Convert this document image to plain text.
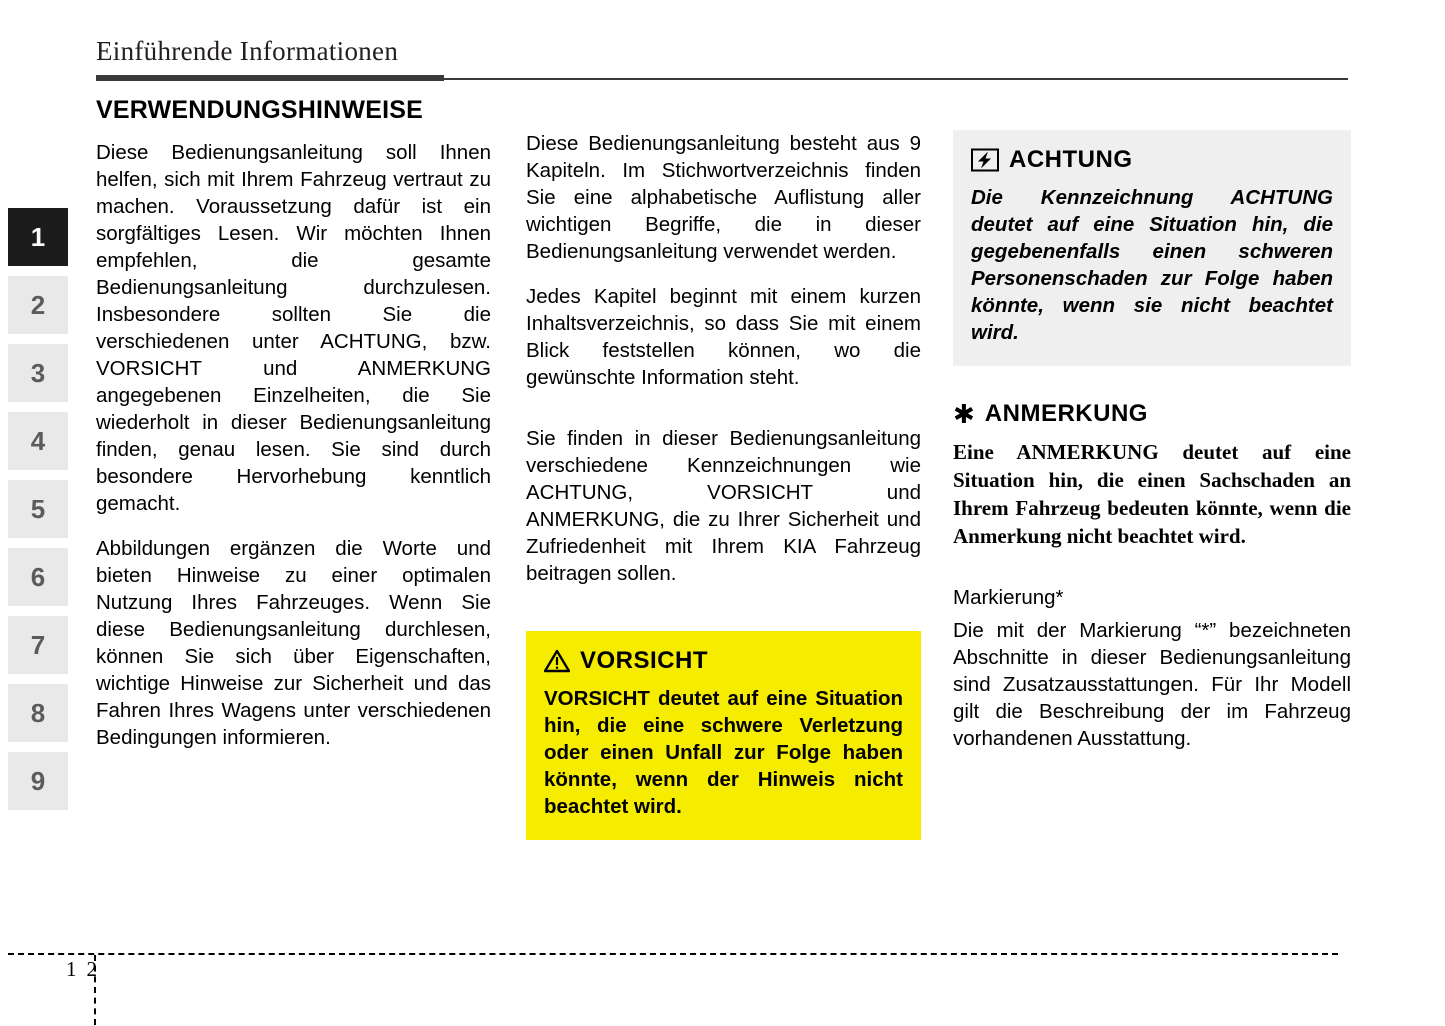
Einführende Informationen
1
2
3
4
5
6
7
8
9
VERWENDUNGSHINWEISE

Diese Bedienungsanleitung soll Ihnen helfen, sich mit Ihrem Fahrzeug vertraut zu machen. Voraussetzung dafür ist ein sorgfältiges Lesen. Wir möchten Ihnen empfehlen, die gesamte Bedienungsanleitung durchzulesen. Insbesondere sollten Sie die verschiedenen unter ACHTUNG, bzw. VORSICHT und ANMERKUNG angegebenen Einzelheiten, die Sie wiederholt in dieser Bedienungsanleitung finden, genau lesen. Sie sind durch besondere Hervorhebung kenntlich gemacht.

Abbildungen ergänzen die Worte und bieten Hinweise zu einer optimalen Nutzung Ihres Fahrzeuges. Wenn Sie diese Bedienungsanleitung durchlesen, können Sie sich über Eigenschaften, wichtige Hinweise zur Sicherheit und das Fahren Ihres Wagens unter verschiedenen Bedingungen informieren.

Diese Bedienungsanleitung besteht aus 9 Kapiteln. Im Stichwortverzeichnis finden Sie eine alphabetische Auflistung aller wichtigen Begriffe, die in dieser Bedienungsanleitung verwendet werden.

Jedes Kapitel beginnt mit einem kurzen Inhaltsverzeichnis, so dass Sie mit einem Blick feststellen können, wo die gewünschte Information steht.

Sie finden in dieser Bedienungsanleitung verschiedene Kennzeichnungen wie ACHTUNG, VORSICHT und ANMERKUNG, die zu Ihrer Sicherheit und Zufriedenheit mit Ihrem KIA Fahrzeug beitragen sollen.

VORSICHT

VORSICHT deutet auf eine Situation hin, die eine schwere Verletzung oder einen Unfall zur Folge haben könnte, wenn der Hinweis nicht beachtet wird.

ACHTUNG

Die Kennzeichnung ACHTUNG deutet auf eine Situation hin, die gegebenenfalls einen schweren Personenschaden zur Folge haben könnte, wenn sie nicht beachtet wird.

✱ ANMERKUNG

Eine ANMERKUNG deutet auf eine Situation hin, die einen Sachschaden an Ihrem Fahrzeug bedeuten könnte, wenn die Anmerkung nicht beachtet wird.

Markierung*

Die mit der Markierung “*” bezeichneten Abschnitte in dieser Bedienungsanleitung sind Zusatzausstattungen. Für Ihr Modell gilt die Beschreibung der im Fahrzeug vorhandenen Ausstattung.

1 2
